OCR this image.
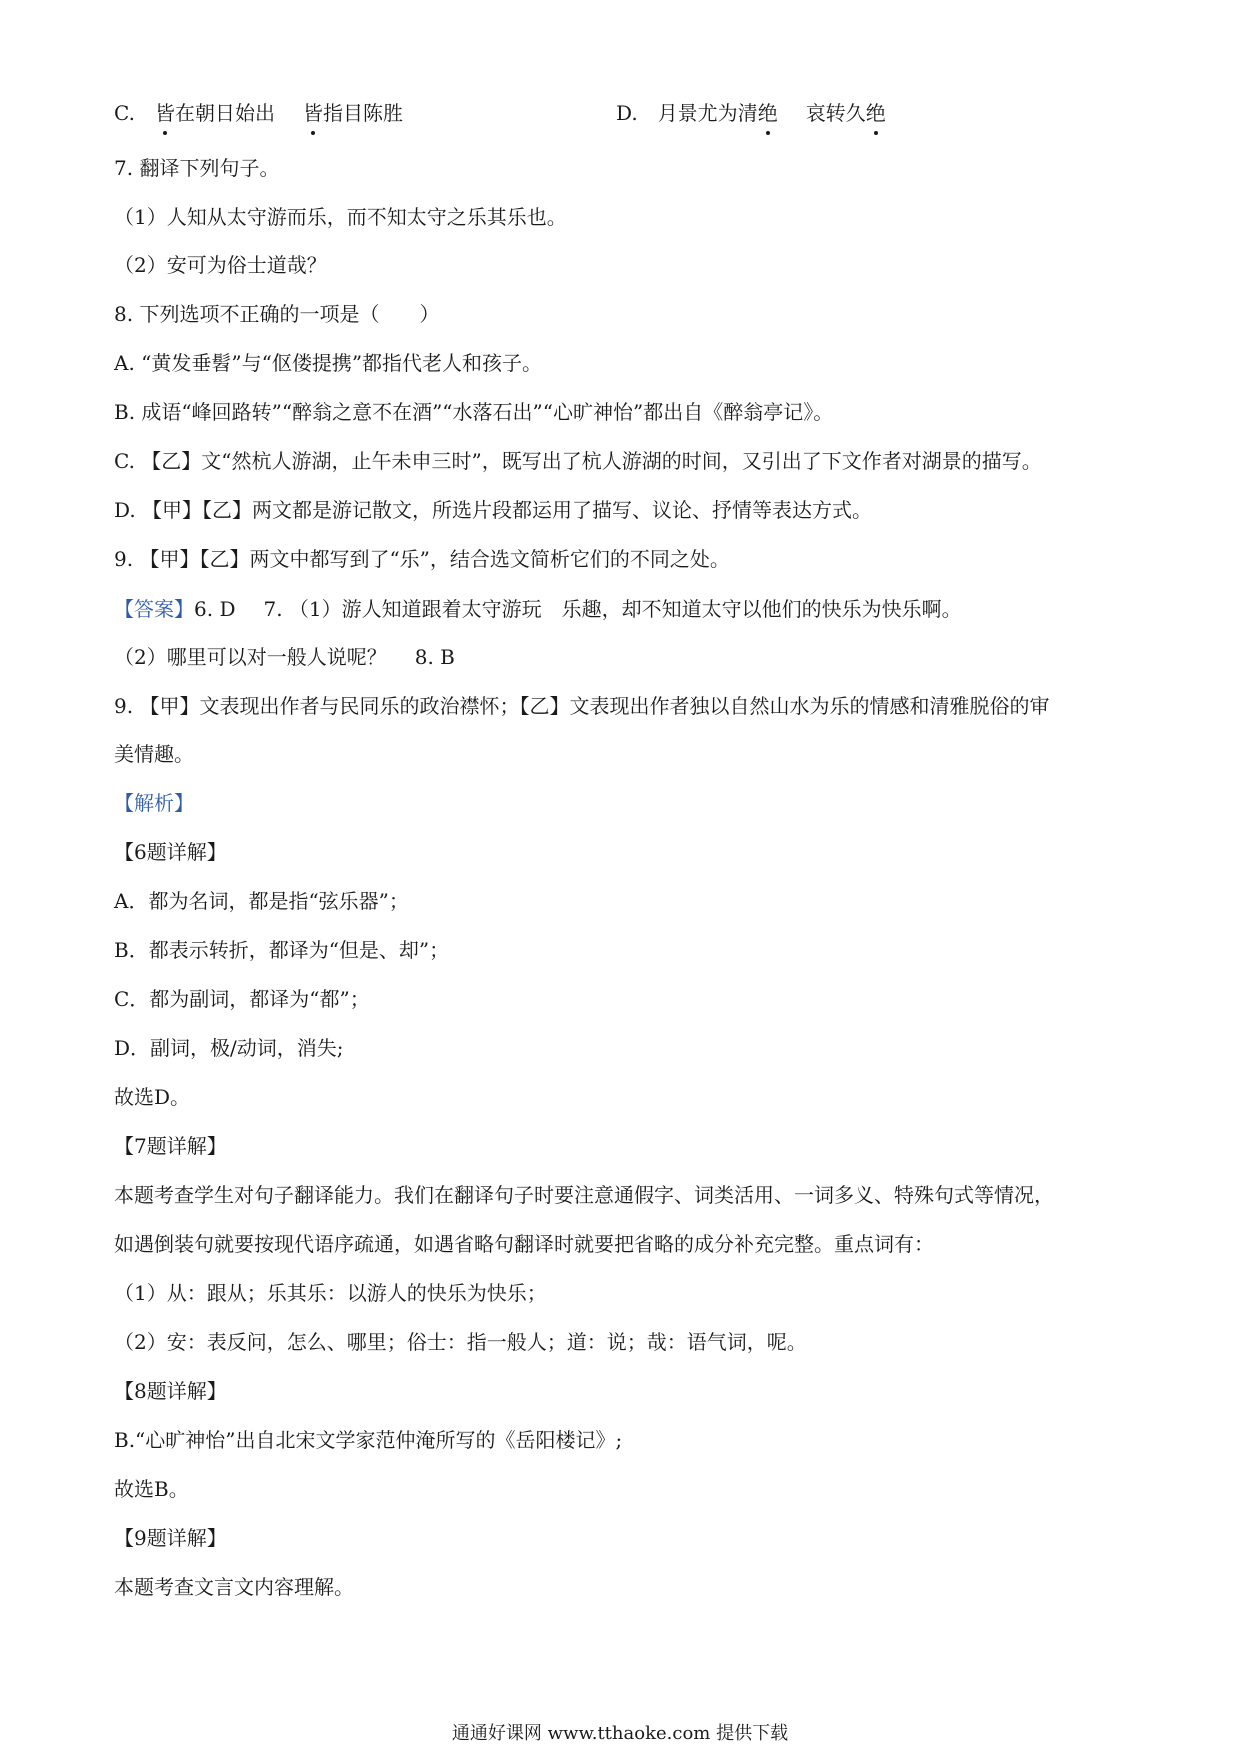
C. 皆
在朝日始出 皆
指目陈胜	D. 月景尤为清绝 哀转久绝
7. 翻译下列句子。
（1）人知从太守游而乐，而不知太守之乐其乐也。
（2）安可为俗士道哉？
8. 下列选项不正确的一项是（　　）
A. “黄发垂髫”与“伛偻提携”都指代老人和孩子。
B. 成语“峰回路转”“醉翁之意不在酒”“水落石出”“心旷神怡”都出自《醉翁亭记》。
C. 【乙】文“然杭人游湖，止午未申三时”，既写出了杭人游湖的时间，又引出了下文作者对湖景的描写。
D. 【甲】【乙】两文都是游记散文，所选片段都运用了描写、议论、抒情等表达方式。
9. 【甲】【乙】两文中都写到了“乐”，结合选文简析它们的不同之处。
【答案】6. D 7. （1）游人知道跟着太守游玩　乐趣，却不知道太守以他们的快乐为快乐啊。
（2）哪里可以对一般人说呢？ 8. B
9. 【甲】文表现出作者与民同乐的政治襟怀；【乙】文表现出作者独以自然山水为乐的情感和清雅脱俗的审
美情趣。
【解析】
【6题详解】
A．都为名词，都是指“弦乐器”；
B．都表示转折，都译为“但是、却”；
C．都为副词，都译为“都”；
D．副词，极/动词，消失;
故选D。
【7题详解】
本题考查学生对句子翻译能力。我们在翻译句子时要注意通假字、词类活用、一词多义、特殊句式等情况，
如遇倒装句就要按现代语序疏通，如遇省略句翻译时就要把省略的成分补充完整。重点词有：
（1）从：跟从；乐其乐：以游人的快乐为快乐；
（2）安：表反问，怎么、哪里；俗士：指一般人；道：说；哉：语气词，呢。
【8题详解】
B.“心旷神怡”出自北宋文学家范仲淹所写的《岳阳楼记》;
故选B。
【9题详解】
本题考查文言文内容理解。
通通好课网 www.tthaoke.com 提供下载
